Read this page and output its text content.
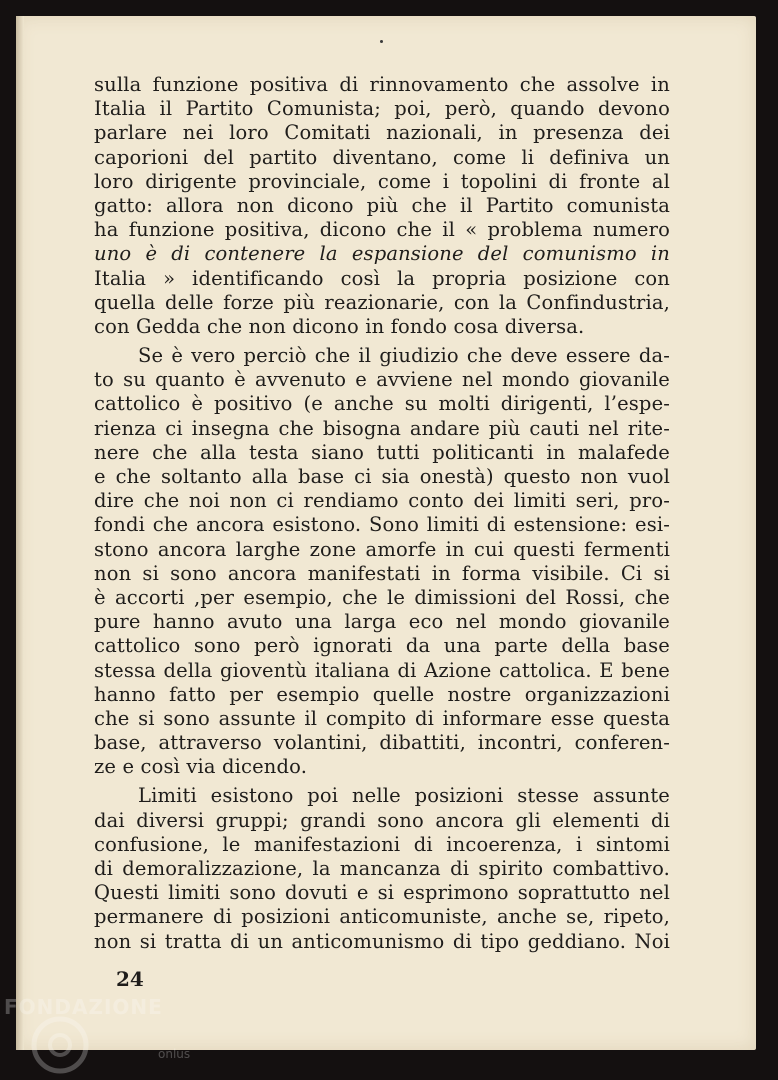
sulla funzione positiva di rinnovamento che assolve in
Italia il Partito Comunista; poi, però, quando devono
parlare nei loro Comitati nazionali, in presenza dei
caporioni del partito diventano, come li definiva un
loro dirigente provinciale, come i topolini di fronte al
gatto: allora non dicono più che il Partito comunista
ha funzione positiva, dicono che il « problema numero
uno è di contenere la espansione del comunismo in
Italia » identificando così la propria posizione con
quella delle forze più reazionarie, con la Confindustria,
con Gedda che non dicono in fondo cosa diversa.
Se è vero perciò che il giudizio che deve essere da-
to su quanto è avvenuto e avviene nel mondo giovanile
cattolico è positivo (e anche su molti dirigenti, l’espe-
rienza ci insegna che bisogna andare più cauti nel rite-
nere che alla testa siano tutti politicanti in malafede
e che soltanto alla base ci sia onestà) questo non vuol
dire che noi non ci rendiamo conto dei limiti seri, pro-
fondi che ancora esistono. Sono limiti di estensione: esi-
stono ancora larghe zone amorfe in cui questi fermenti
non si sono ancora manifestati in forma visibile. Ci si
è accorti ,per esempio, che le dimissioni del Rossi, che
pure hanno avuto una larga eco nel mondo giovanile
cattolico sono però ignorati da una parte della base
stessa della gioventù italiana di Azione cattolica. E bene
hanno fatto per esempio quelle nostre organizzazioni
che si sono assunte il compito di informare esse questa
base, attraverso volantini, dibattiti, incontri, conferen-
ze e così via dicendo.
Limiti esistono poi nelle posizioni stesse assunte
dai diversi gruppi; grandi sono ancora gli elementi di
confusione, le manifestazioni di incoerenza, i sintomi
di demoralizzazione, la mancanza di spirito combattivo.
Questi limiti sono dovuti e si esprimono soprattutto nel
permanere di posizioni anticomuniste, anche se, ripeto,
non si tratta di un anticomunismo di tipo geddiano. Noi
24
FONDAZIONE
onlus
